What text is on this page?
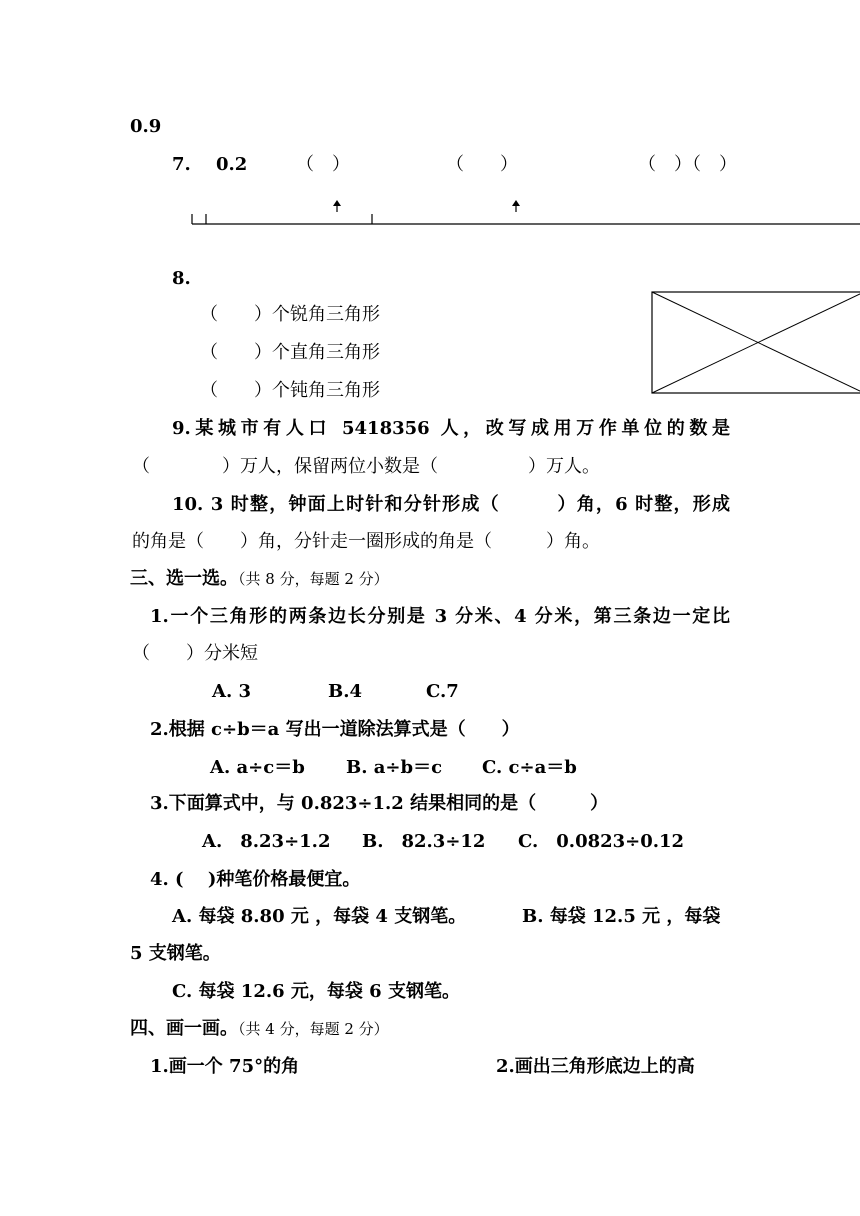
0.9
7. 0.2	（　）	（　　）	（　）（　）
8.
（　　）个锐角三角形
（　　）个直角三角形
（　　）个钝角三角形
9.某城市有人口 5418356 人，改写成用万作单位的数是
（　　　　）万人，保留两位小数是（　　　　　）万人。
10. 3 时整，钟面上时针和分针形成（　　　）角，6 时整，形成
的角是（　　）角，分针走一圈形成的角是（　　　）角。
三、选一选。（共 8 分，每题 2 分）
1.一个三角形的两条边长分别是 3 分米、4 分米，第三条边一定比
（　　）分米短
A. 3	B.4	C.7
2.根据 c÷b＝a 写出一道除法算式是（　　）
A. a÷c＝b B. a÷b＝c C. c÷a＝b
3.下面算式中，与 0.823÷1.2 结果相同的是（　　　）
A.　8.23÷1.2 B.　82.3÷12 C.　0.0823÷0.12
4. (　 )种笔价格最便宜。
A. 每袋 8.80 元 ，每袋 4 支钢笔。	B. 每袋 12.5 元 ，每袋
5 支钢笔。
C. 每袋 12.6 元，每袋 6 支钢笔。
四、画一画。（共 4 分，每题 2 分）
1.画一个 75°的角	2.画出三角形底边上的高
